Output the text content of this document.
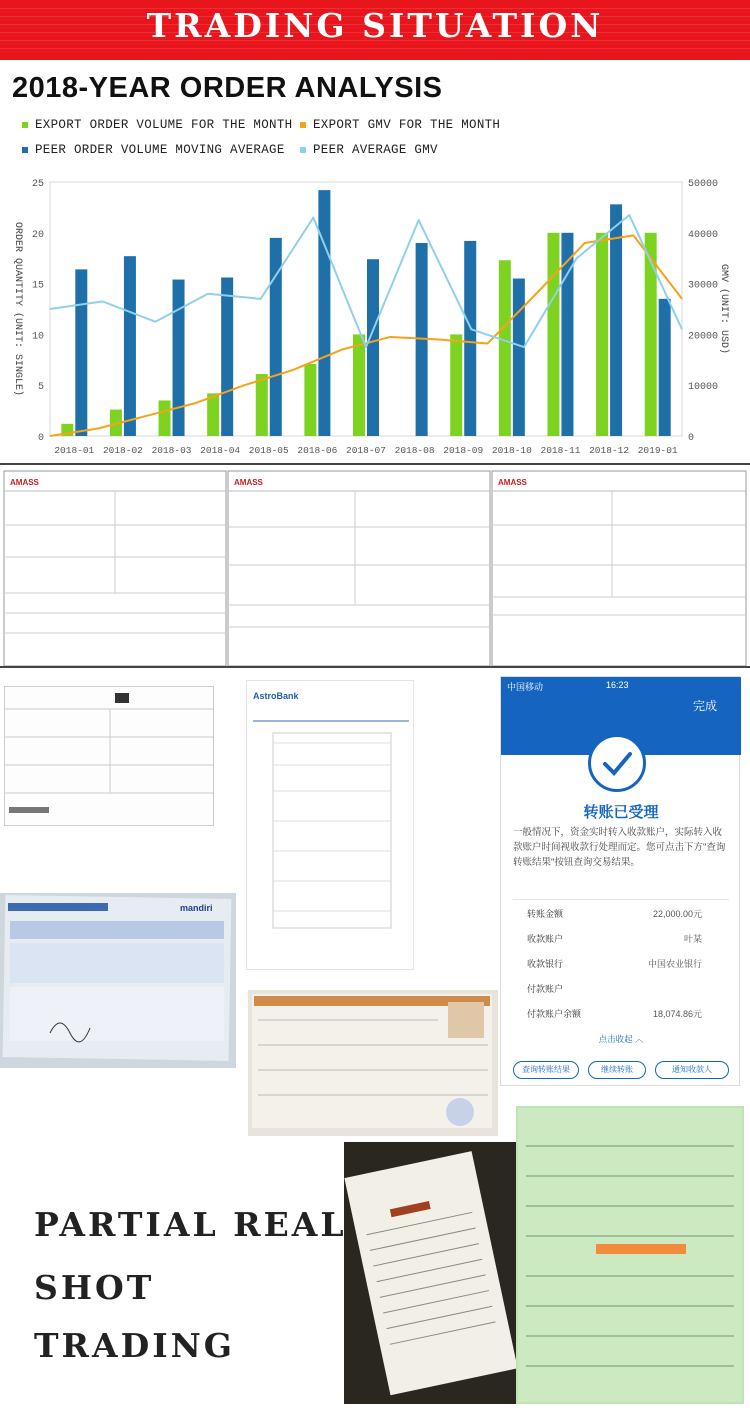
TRADING SITUATION
2018-YEAR ORDER ANALYSIS
EXPORT ORDER VOLUME FOR THE MONTH EXPORT GMV FOR THE MONTH
PEER ORDER VOLUME MOVING AVERAGE PEER AVERAGE GMV
0
5
10
15
20
25
0
10000
20000
30000
40000
50000
ORDER QUANTITY (UNIT: SINGLE)	GMV (UNIT: USD)
2018-01 2018-02 2018-03 2018-04 2018-05 2018-06 2018-07 2018-08 2018-09 2018-10 2018-11 2018-12 2019-01
AMASS	AMASS	AMASS
AstroBank
mandiri
中国移动	16:23
完成
转账已受理
一般情况下，资金实时转入收款账户，实际转入收款账户时间视收款行处理而定。您可点击下方"查询转账结果"按钮查询交易结果。
转账金额	22,000.00元
收款账户	叶某
收款银行	中国农业银行
付款账户
付款账户余额	18,074.86元
点击收起 ︿
查询转账结果	继续转账	通知收款人
PARTIAL REAL
SHOT
TRADING
